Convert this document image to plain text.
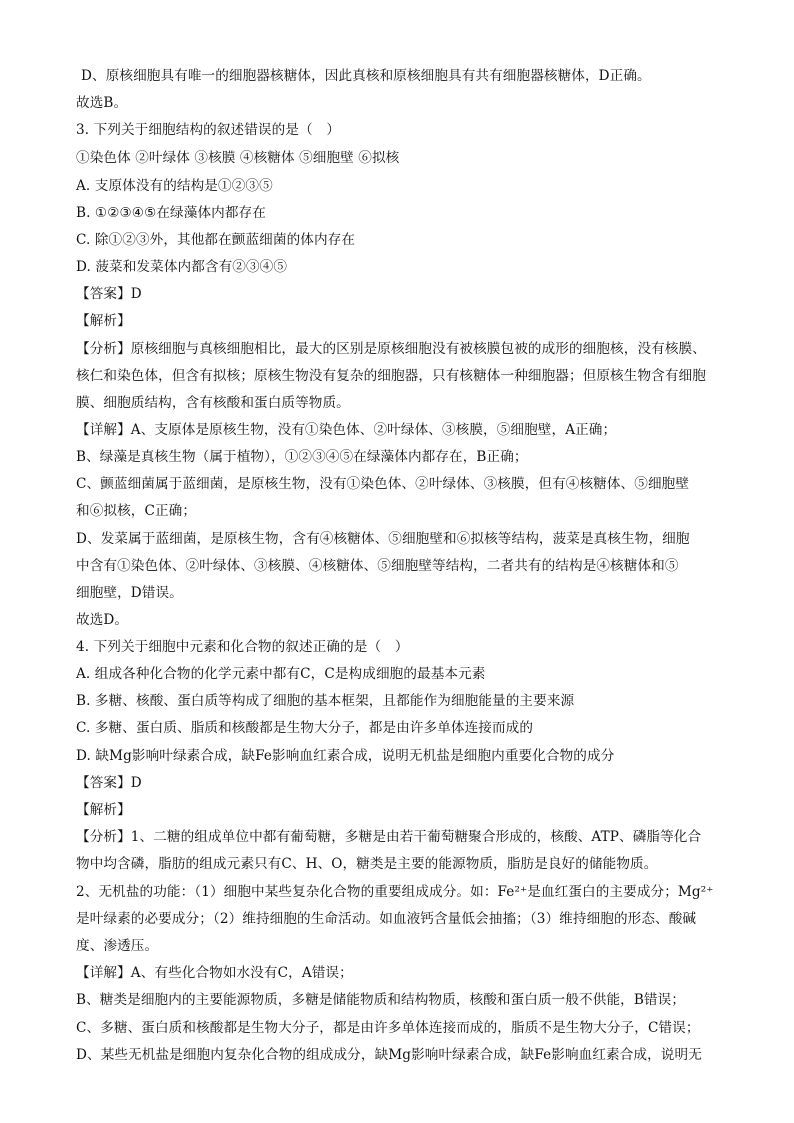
D、原核细胞具有唯一的细胞器核糖体，因此真核和原核细胞具有共有细胞器核糖体，D正确。
故选B。
3. 下列关于细胞结构的叙述错误的是（　）
①染色体 ②叶绿体 ③核膜 ④核糖体 ⑤细胞壁 ⑥拟核
A. 支原体没有的结构是①②③⑤
B. ①②③④⑤在绿藻体内都存在
C. 除①②③外，其他都在颤蓝细菌的体内存在
D. 菠菜和发菜体内都含有②③④⑤
【答案】D
【解析】
【分析】原核细胞与真核细胞相比，最大的区别是原核细胞没有被核膜包被的成形的细胞核，没有核膜、
核仁和染色体，但含有拟核；原核生物没有复杂的细胞器，只有核糖体一种细胞器；但原核生物含有细胞
膜、细胞质结构，含有核酸和蛋白质等物质。
【详解】A、支原体是原核生物，没有①染色体、②叶绿体、③核膜，⑤细胞壁，A正确；
B、绿藻是真核生物（属于植物），①②③④⑤在绿藻体内都存在，B正确；
C、颤蓝细菌属于蓝细菌，是原核生物，没有①染色体、②叶绿体、③核膜，但有④核糖体、⑤细胞壁
和⑥拟核，C正确；
D、发菜属于蓝细菌，是原核生物，含有④核糖体、⑤细胞壁和⑥拟核等结构，菠菜是真核生物，细胞
中含有①染色体、②叶绿体、③核膜、④核糖体、⑤细胞壁等结构，二者共有的结构是④核糖体和⑤
细胞壁，D错误。
故选D。
4. 下列关于细胞中元素和化合物的叙述正确的是（　）
A. 组成各种化合物的化学元素中都有C，C是构成细胞的最基本元素
B. 多糖、核酸、蛋白质等构成了细胞的基本框架，且都能作为细胞能量的主要来源
C. 多糖、蛋白质、脂质和核酸都是生物大分子，都是由许多单体连接而成的
D. 缺Mg影响叶绿素合成，缺Fe影响血红素合成，说明无机盐是细胞内重要化合物的成分
【答案】D
【解析】
【分析】1、二糖的组成单位中都有葡萄糖，多糖是由若干葡萄糖聚合形成的，核酸、ATP、磷脂等化合
物中均含磷，脂肪的组成元素只有C、H、O，糖类是主要的能源物质，脂肪是良好的储能物质。
2、无机盐的功能：（1）细胞中某些复杂化合物的重要组成成分。如：Fe²⁺是血红蛋白的主要成分；Mg²⁺
是叶绿素的必要成分；（2）维持细胞的生命活动。如血液钙含量低会抽搐；（3）维持细胞的形态、酸碱
度、渗透压。
【详解】A、有些化合物如水没有C，A错误；
B、糖类是细胞内的主要能源物质，多糖是储能物质和结构物质，核酸和蛋白质一般不供能，B错误；
C、多糖、蛋白质和核酸都是生物大分子，都是由许多单体连接而成的，脂质不是生物大分子，C错误；
D、某些无机盐是细胞内复杂化合物的组成成分，缺Mg影响叶绿素合成，缺Fe影响血红素合成，说明无
